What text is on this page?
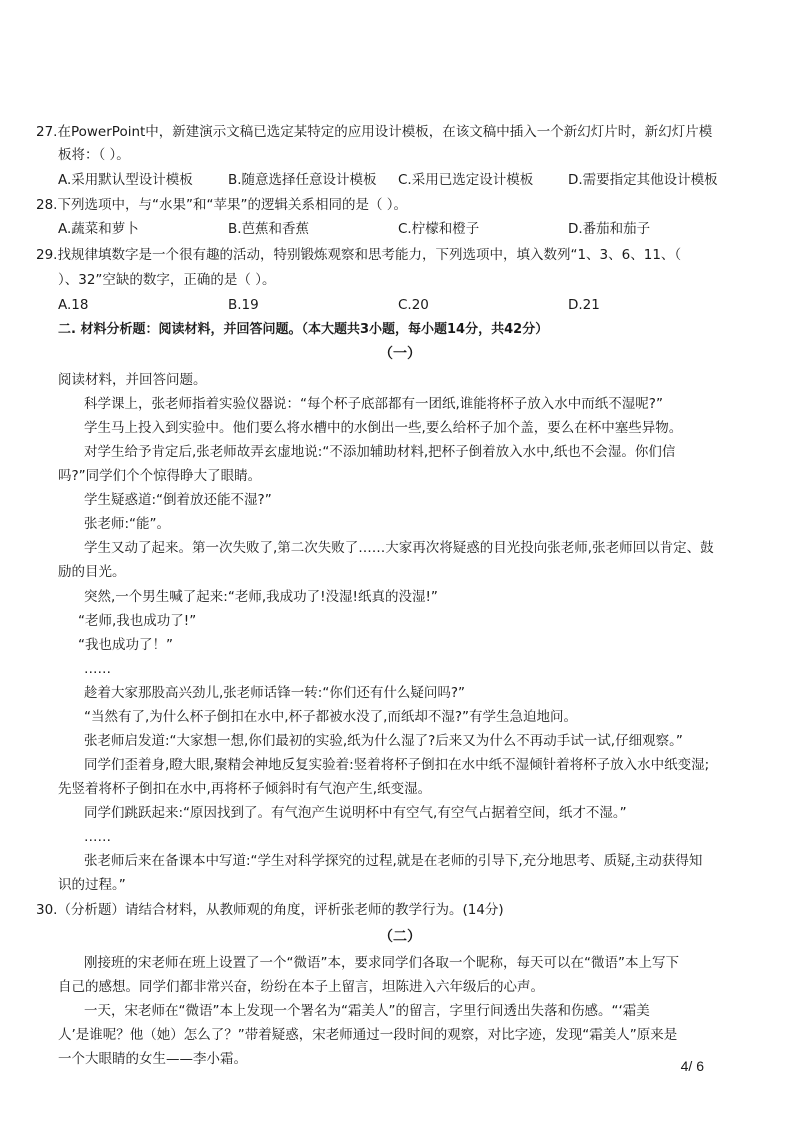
27.在PowerPoint中，新建演示文稿已选定某特定的应用设计模板，在该文稿中插入一个新幻灯片时，新幻灯片模
板将：（ ）。
A.采用默认型设计模板	B.随意选择任意设计模板 C.采用已选定设计模板	D.需要指定其他设计模板
28.下列选项中，与“水果”和“苹果”的逻辑关系相同的是（ ）。
A.蔬菜和萝卜	B.芭蕉和香蕉	C.柠檬和橙子	D.番茄和茄子
29.找规律填数字是一个很有趣的活动，特别锻炼观察和思考能力，下列选项中，填入数列“1、3、6、11、（
）、32”空缺的数字，正确的是（ ）。
A.18	B.19	C.20	D.21
二. 材料分析题：阅读材料，并回答问题。（本大题共3小题，每小题14分，共42分）
（一）
阅读材料，并回答问题。
科学课上，张老师指着实验仪器说：“每个杯子底部都有一团纸,谁能将杯子放入水中而纸不湿呢?”
学生马上投入到实验中。他们要么将水槽中的水倒出一些,要么给杯子加个盖，要么在杯中塞些异物。
对学生给予肯定后,张老师故弄玄虚地说:“不添加辅助材料,把杯子倒着放入水中,纸也不会湿。你们信
吗?”同学们个个惊得睁大了眼睛。
学生疑惑道:“倒着放还能不湿?”
张老师:“能”。
学生又动了起来。第一次失败了,第二次失败了……大家再次将疑惑的目光投向张老师,张老师回以肯定、鼓
励的目光。
突然,一个男生喊了起来:“老师,我成功了!没湿!纸真的没湿!”
“老师,我也成功了!”
“我也成功了！”
……
趁着大家那股高兴劲儿,张老师话锋一转:“你们还有什么疑问吗?”
“当然有了,为什么杯子倒扣在水中,杯子都被水没了,而纸却不湿?”有学生急迫地问。
张老师启发道:“大家想一想,你们最初的实验,纸为什么湿了?后来又为什么不再动手试一试,仔细观察。”
同学们歪着身,瞪大眼,聚精会神地反复实验着:竖着将杯子倒扣在水中纸不湿倾针着将杯子放入水中纸变湿;
先竖着将杯子倒扣在水中,再将杯子倾斜时有气泡产生,纸变湿。
同学们跳跃起来:“原因找到了。有气泡产生说明杯中有空气,有空气占据着空间，纸才不湿。”
……
张老师后来在备课本中写道:“学生对科学探究的过程,就是在老师的引导下,充分地思考、质疑,主动获得知
识的过程。”
30.（分析题）请结合材料，从教师观的角度，评析张老师的教学行为。(14分)
（二）
刚接班的宋老师在班上设置了一个“微语”本，要求同学们各取一个昵称，每天可以在“微语”本上写下
自己的感想。同学们都非常兴奋，纷纷在本子上留言，坦陈进入六年级后的心声。
一天，宋老师在“微语”本上发现一个署名为“霜美人”的留言，字里行间透出失落和伤感。“‘霜美
人’是谁呢？他（她）怎么了？”带着疑惑，宋老师通过一段时间的观察，对比字迹，发现“霜美人”原来是
一个大眼睛的女生——李小霜。	4/ 6
